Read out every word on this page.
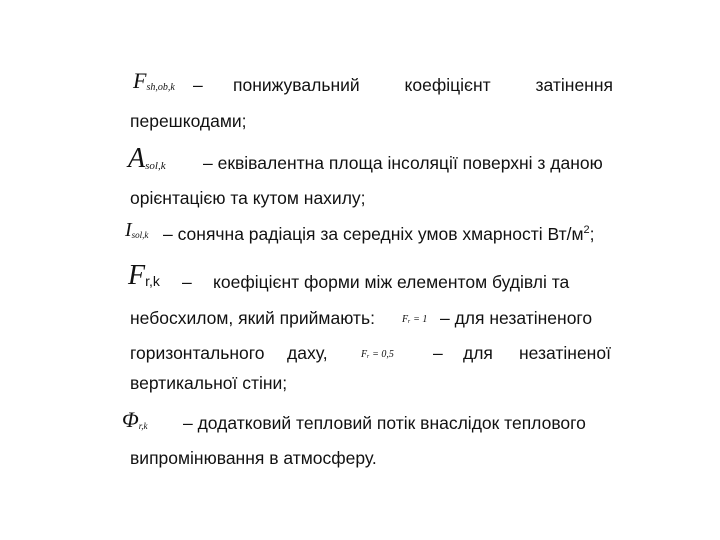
Fsh,ob,k – понижувальний	коефіцієнт	затінення
перешкодами;
Asol,k – еквівалентна площа інсоляції поверхні з даною
орієнтацією та кутом нахилу;
Isol,k – сонячна радіація за середніх умов хмарності $Вт/м^2$;
Fr,k – коефіцієнт форми між елементом будівлі та
небосхилом, який приймають:	Fᵣ = 1 – для незатіненого
горизонтального даху,	Fᵣ = 0,5 – для незатіненої
вертикальної стіни;
Φr,k – додатковий тепловий потік внаслідок теплового
випромінювання в атмосферу.
